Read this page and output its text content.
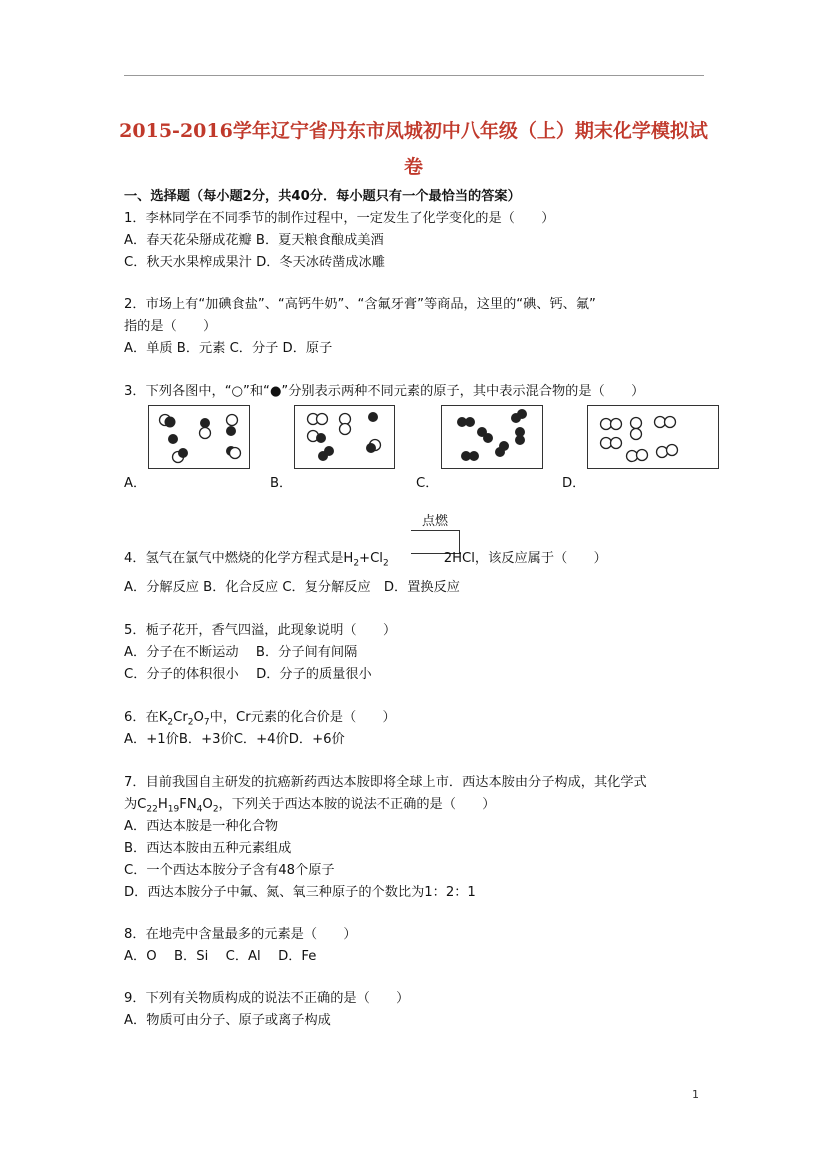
2015-2016学年辽宁省丹东市凤城初中八年级（上）期末化学模拟试
卷
一、选择题（每小题2分，共40分．每小题只有一个最恰当的答案）
1．李林同学在不同季节的制作过程中，一定发生了化学变化的是（　　）
A．春天花朵掰成花瓣 B．夏天粮食酿成美酒
C．秋天水果榨成果汁 D．冬天冰砖凿成冰雕
2．市场上有“加碘食盐”、“高钙牛奶”、“含氟牙膏”等商品，这里的“碘、钙、氟”
指的是（　　）
A．单质 B．元素 C．分子 D．原子
3．下列各图中，“○”和“●”分别表示两种不同元素的原子，其中表示混合物的是（　　）
A．	B．	C．	D．
点燃
4．氢气在氯气中燃烧的化学方程式是$H_2+Cl_2$	2HCl，该反应属于（　　）
A．分解反应 B．化合反应 C．复分解反应　D．置换反应
5．栀子花开，香气四溢，此现象说明（　　）
A．分子在不断运动　 B．分子间有间隔
C．分子的体积很小　 D．分子的质量很小
6．在$K_2Cr_2O_7$中，Cr元素的化合价是（　　）
A．+1价B．+3价C．+4价D．+6价
7．目前我国自主研发的抗癌新药西达本胺即将全球上市．西达本胺由分子构成，其化学式
为$C_{22}H_{19}FN_4O_2$，下列关于西达本胺的说法不正确的是（　　）
A．西达本胺是一种化合物
B．西达本胺由五种元素组成
C．一个西达本胺分子含有48个原子
D．西达本胺分子中氟、氮、氧三种原子的个数比为1：2：1
8．在地壳中含量最多的元素是（　　）
A．O　 B．Si　 C．Al　 D．Fe
9．下列有关物质构成的说法不正确的是（　　）
A．物质可由分子、原子或离子构成
1
